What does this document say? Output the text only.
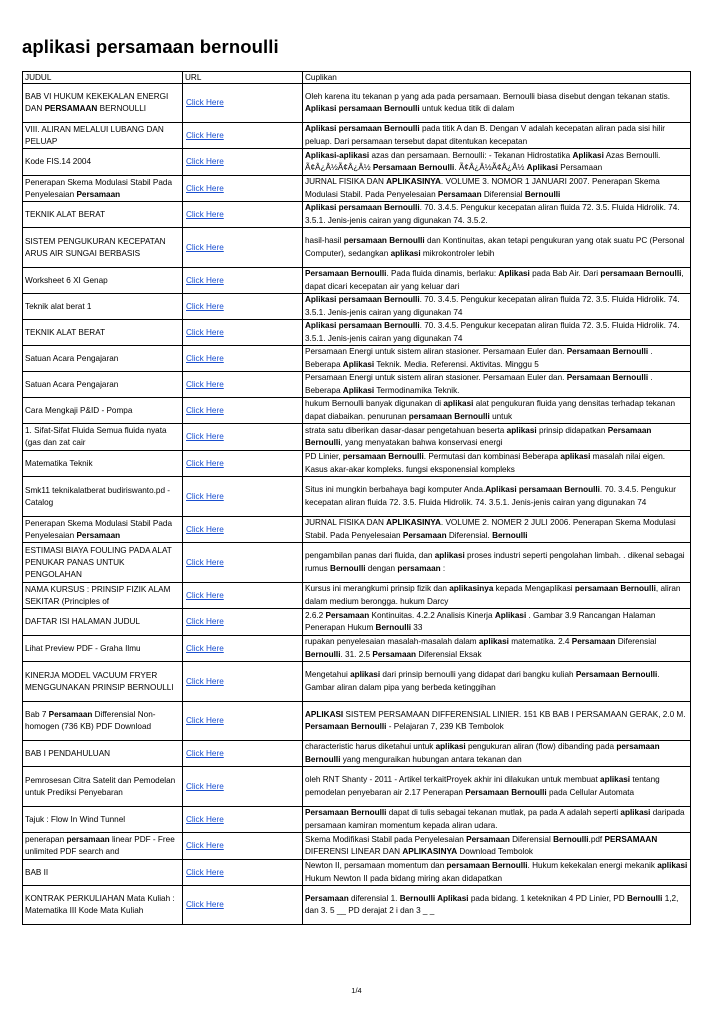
aplikasi persamaan bernoulli
JUDUL	URL	Cuplikan
BAB VI HUKUM KEKEKALAN ENERGI DAN PERSAMAAN BERNOULLI	Click Here	Oleh karena itu tekanan p yang ada pada persamaan. Bernoulli biasa disebut dengan tekanan statis. Aplikasi persamaan Bernoulli untuk kedua titik di dalam
VIII. ALIRAN MELALUI LUBANG DAN PELUAP	Click Here	Aplikasi persamaan Bernoulli pada titik A dan B. Dengan V adalah kecepatan aliran pada sisi hilir peluap. Dari persamaan tersebut dapat ditentukan kecepatan
Kode FIS.14 2004	Click Here	Aplikasi-aplikasi azas dan persamaan. Bernoulli: - Tekanan Hidrostatika Aplikasi Azas Bernoulli. Ã¢Â¿Â½Ã¢Â¿Â½ Persamaan Bernoulli. Ã¢Â¿Â½Ã¢Â¿Â½ Aplikasi Persamaan
Penerapan Skema Modulasi Stabil Pada Penyelesaian Persamaan	Click Here	JURNAL FISIKA DAN APLIKASINYA. VOLUME 3. NOMOR 1 JANUARI 2007. Penerapan Skema Modulasi Stabil. Pada Penyelesaian Persamaan Diferensial Bernoulli
TEKNIK ALAT BERAT	Click Here	Aplikasi persamaan Bernoulli. 70. 3.4.5. Pengukur kecepatan aliran fluida 72. 3.5. Fluida Hidrolik. 74. 3.5.1. Jenis-jenis cairan yang digunakan 74. 3.5.2.
SISTEM PENGUKURAN KECEPATAN ARUS AIR SUNGAI BERBASIS	Click Here	hasil-hasil persamaan Bernoulli dan Kontinuitas, akan tetapi pengukuran yang otak suatu PC (Personal Computer), sedangkan aplikasi mikrokontroler lebih
Worksheet 6 XI Genap	Click Here	Persamaan Bernoulli. Pada fluida dinamis, berlaku: Aplikasi pada Bab Air. Dari persamaan Bernoulli, dapat dicari kecepatan air yang keluar dari
Teknik alat berat 1	Click Here	Aplikasi persamaan Bernoulli. 70. 3.4.5. Pengukur kecepatan aliran fluida 72. 3.5. Fluida Hidrolik. 74. 3.5.1. Jenis-jenis cairan yang digunakan 74
TEKNIK ALAT BERAT	Click Here	Aplikasi persamaan Bernoulli. 70. 3.4.5. Pengukur kecepatan aliran fluida 72. 3.5. Fluida Hidrolik. 74. 3.5.1. Jenis-jenis cairan yang digunakan 74
Satuan Acara Pengajaran	Click Here	Persamaan Energi untuk sistem aliran stasioner. Persamaan Euler dan. Persamaan Bernoulli . Beberapa Aplikasi Teknik. Media. Referensi. Aktivitas. Minggu 5
Satuan Acara Pengajaran	Click Here	Persamaan Energi untuk sistem aliran stasioner. Persamaan Euler dan. Persamaan Bernoulli . Beberapa Aplikasi Termodinamika Teknik.
Cara Mengkaji P&ID - Pompa	Click Here	hukum Bernoulli banyak digunakan di aplikasi alat pengukuran fluida yang densitas terhadap tekanan dapat diabaikan. penurunan persamaan Bernoulli untuk
1. Sifat-Sifat Fluida Semua fluida nyata (gas dan zat cair	Click Here	strata satu diberikan dasar-dasar pengetahuan beserta aplikasi prinsip didapatkan Persamaan Bernoulli, yang menyatakan bahwa konservasi energi
Matematika Teknik	Click Here	PD Linier, persamaan Bernoulli. Permutasi dan kombinasi Beberapa aplikasi masalah nilai eigen. Kasus akar-akar kompleks. fungsi eksponensial kompleks
Smk11 teknikalatberat budiriswanto.pd - Catalog	Click Here	Situs ini mungkin berbahaya bagi komputer Anda.Aplikasi persamaan Bernoulli. 70. 3.4.5. Pengukur kecepatan aliran fluida 72. 3.5. Fluida Hidrolik. 74. 3.5.1. Jenis-jenis cairan yang digunakan 74
Penerapan Skema Modulasi Stabil Pada Penyelesaian Persamaan	Click Here	JURNAL FISIKA DAN APLIKASINYA. VOLUME 2. NOMER 2 JULI 2006. Penerapan Skema Modulasi Stabil. Pada Penyelesaian Persamaan Diferensial. Bernoulli
ESTIMASI BIAYA FOULING PADA ALAT PENUKAR PANAS UNTUK PENGOLAHAN	Click Here	pengambilan panas dari fluida, dan aplikasi proses industri seperti pengolahan limbah. . dikenal sebagai rumus Bernoulli dengan persamaan :
NAMA KURSUS : PRINSIP FIZIK ALAM SEKITAR (Principles of	Click Here	Kursus ini merangkumi prinsip fizik dan aplikasinya kepada Mengaplikasi persamaan Bernoulli, aliran dalam medium berongga. hukum Darcy
DAFTAR ISI HALAMAN JUDUL	Click Here	2.6.2 Persamaan Kontinuitas. 4.2.2 Analisis Kinerja Aplikasi . Gambar 3.9 Rancangan Halaman Penerapan Hukum Bernoulli 33
Lihat Preview PDF - Graha Ilmu	Click Here	rupakan penyelesaian masalah-masalah dalam aplikasi matematika. 2.4 Persamaan Diferensial Bernoulli. 31. 2.5 Persamaan Diferensial Eksak
KINERJA MODEL VACUUM FRYER MENGGUNAKAN PRINSIP BERNOULLI	Click Here	Mengetahui aplikasi dari prinsip bernoulli yang didapat dari bangku kuliah Persamaan Bernoulli. Gambar aliran dalam pipa yang berbeda ketinggihan
Bab 7 Persamaan Differensial Non-homogen (736 KB) PDF Download	Click Here	APLIKASI SISTEM PERSAMAAN DIFFERENSIAL LINIER. 151 KB BAB I PERSAMAAN GERAK, 2.0 M. Persamaan Bernoulli - Pelajaran 7, 239 KB Tembolok
BAB I PENDAHULUAN	Click Here	characteristic harus diketahui untuk aplikasi pengukuran aliran (flow) dibanding pada persamaan Bernoulli yang menguraikan hubungan antara tekanan dan
Pemrosesan Citra Satelit dan Pemodelan untuk Prediksi Penyebaran	Click Here	oleh RNT Shanty - 2011 - Artikel terkaitProyek akhir ini dilakukan untuk membuat aplikasi tentang pemodelan penyebaran air 2.17 Penerapan Persamaan Bernoulli pada Cellular Automata
Tajuk : Flow In Wind Tunnel	Click Here	Persamaan Bernoulli dapat di tulis sebagai tekanan mutlak, pa pada A adalah seperti aplikasi daripada persamaan kamiran momentum kepada aliran udara.
penerapan persamaan linear PDF - Free unlimited PDF search and	Click Here	Skema Modifikasi Stabil pada Penyelesaian Persamaan Diferensial Bernoulli.pdf PERSAMAAN DIFERENSI LINEAR DAN APLIKASINYA Download Tembolok
BAB II	Click Here	Newton II, persamaan momentum dan persamaan Bernoulli. Hukum kekekalan energi mekanik aplikasi Hukum Newton II pada bidang miring akan didapatkan
KONTRAK PERKULIAHAN Mata Kuliah : Matematika III Kode Mata Kuliah	Click Here	Persamaan diferensial 1. Bernoulli Aplikasi pada bidang. 1 keteknikan 4 PD Linier, PD Bernoulli 1,2, dan 3. 5 __ PD derajat 2 i dan 3 _ _
1/4
